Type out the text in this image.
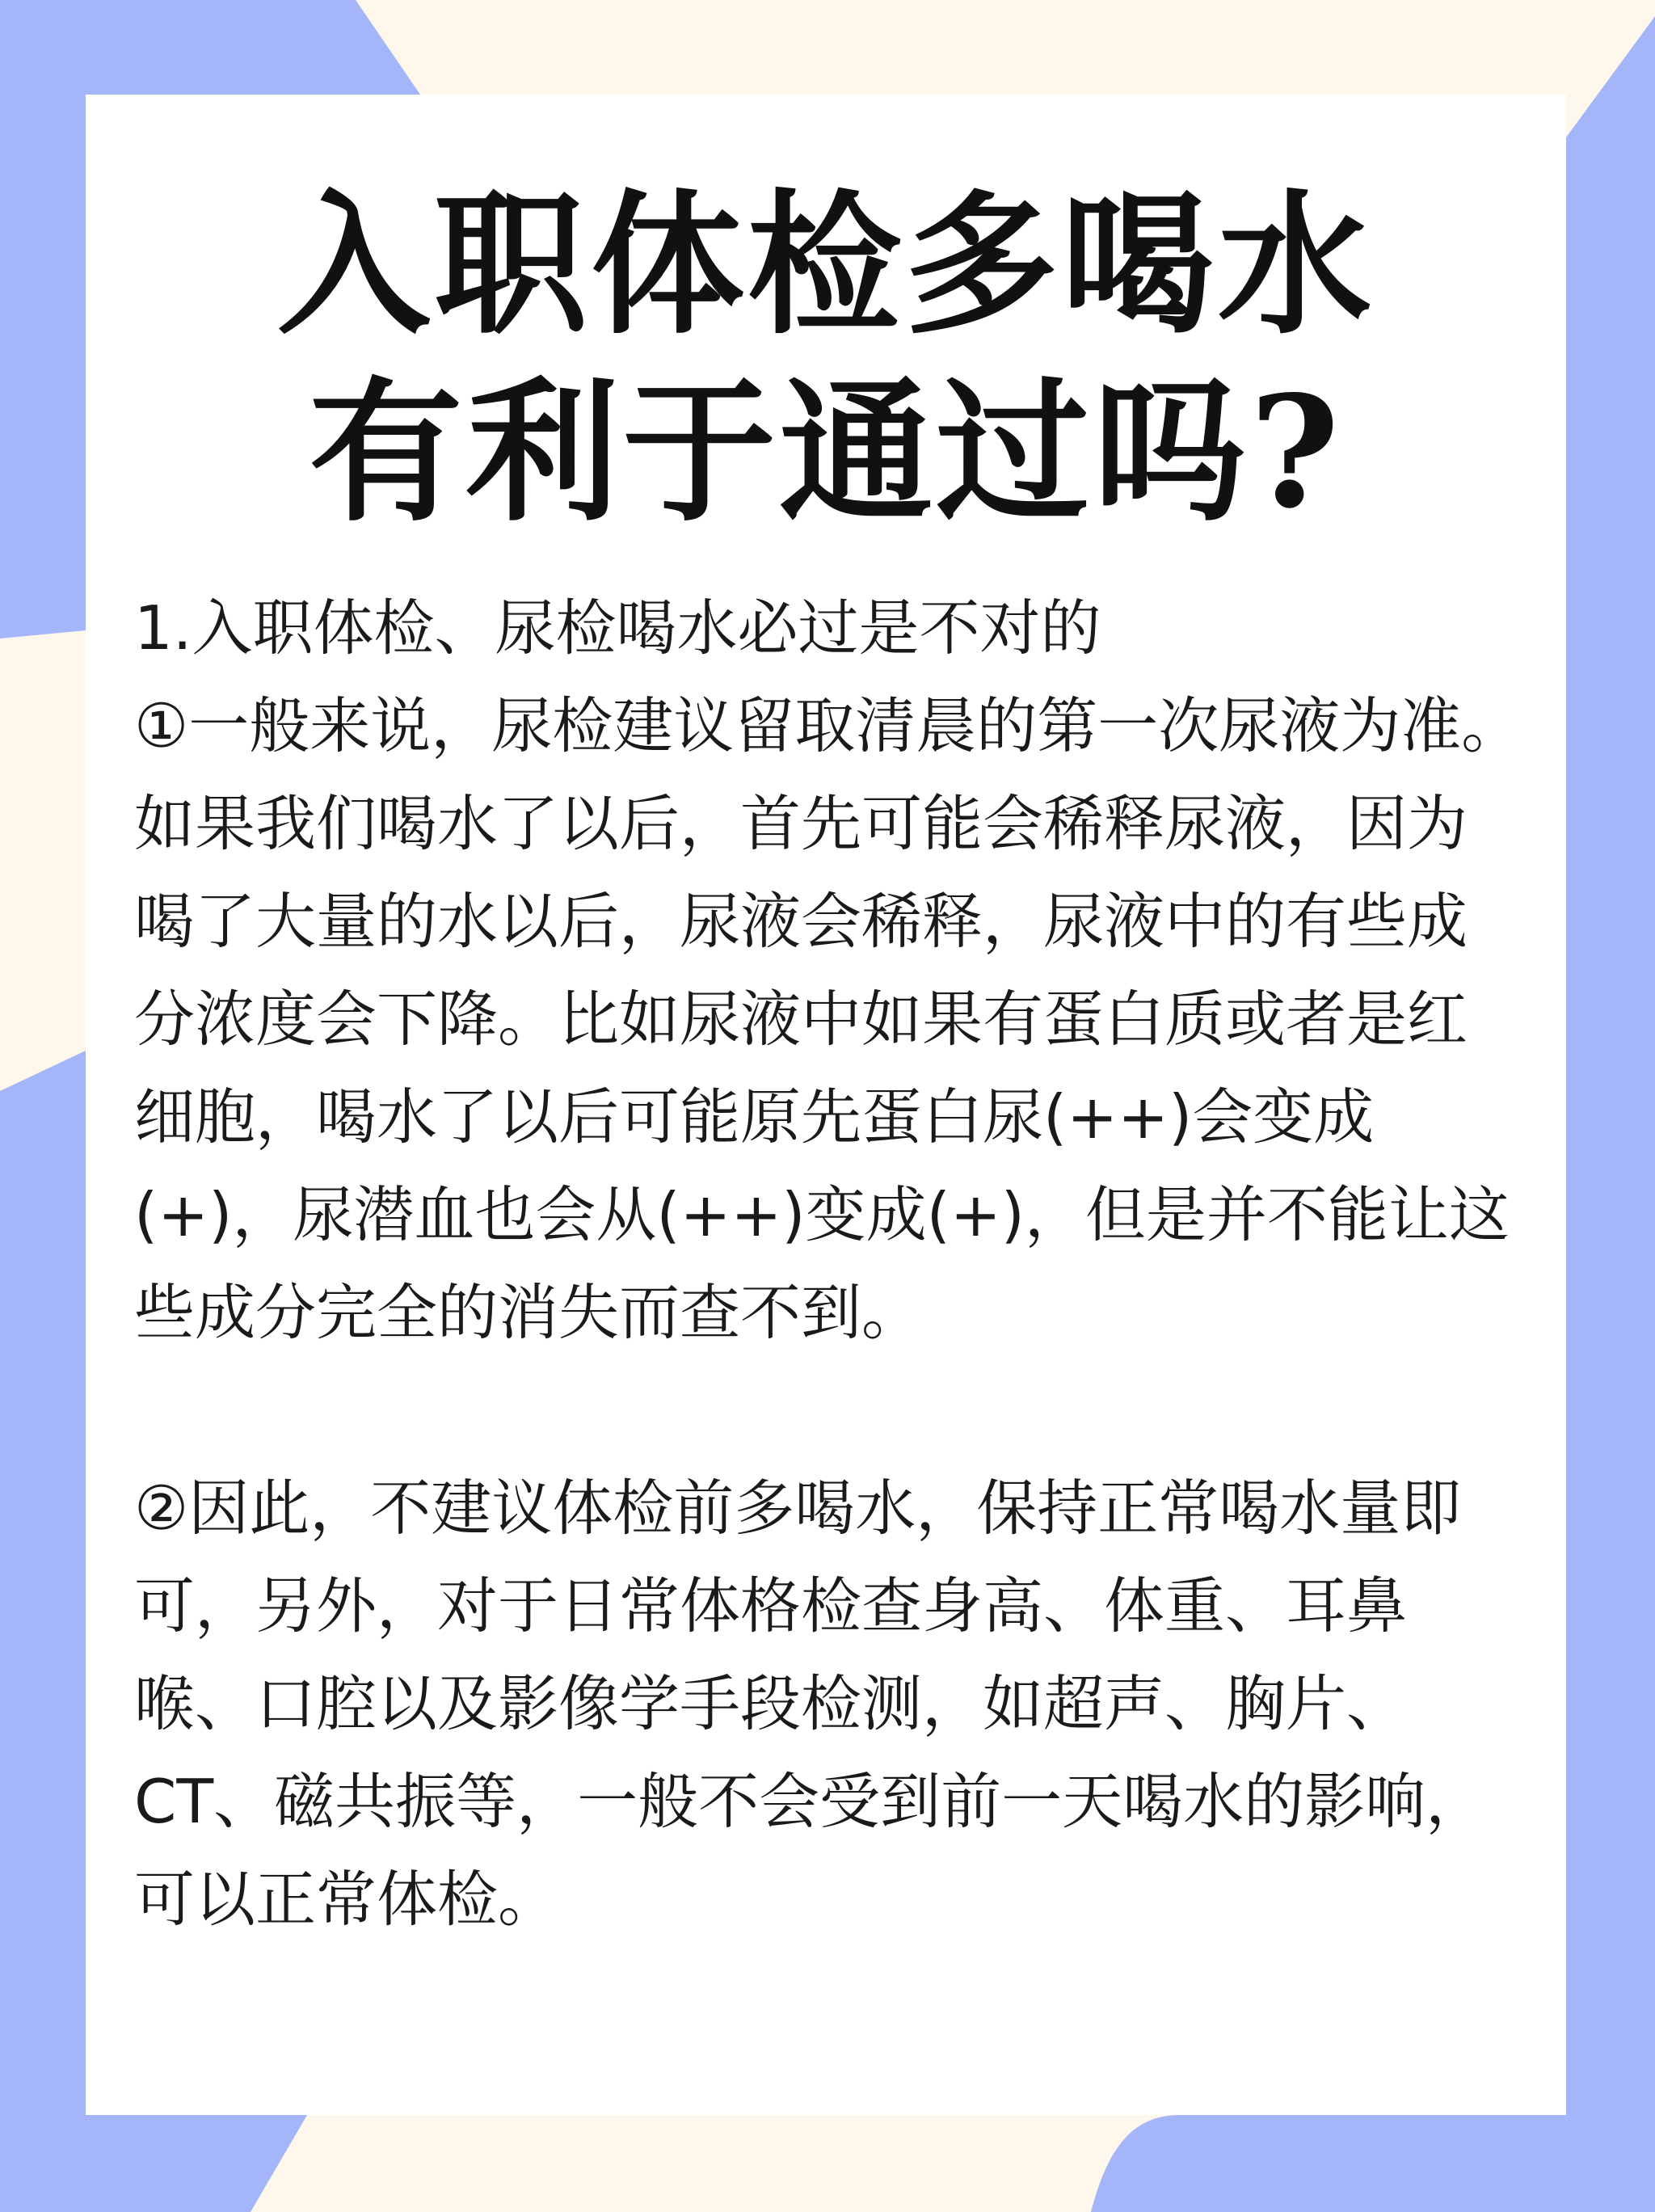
入职体检多喝水
有利于通过吗?

1.入职体检、尿检喝水必过是不对的

①一般来说，尿检建议留取清晨的第一次尿液为准。如果我们喝水了以后，首先可能会稀释尿液，因为喝了大量的水以后，尿液会稀释，尿液中的有些成分浓度会下降。比如尿液中如果有蛋白质或者是红细胞，喝水了以后可能原先蛋白尿(++)会变成(+)，尿潜血也会从(++)变成(+)，但是并不能让这些成分完全的消失而查不到。

②因此，不建议体检前多喝水，保持正常喝水量即可，另外，对于日常体格检查身高、体重、耳鼻喉、口腔以及影像学手段检测，如超声、胸片、CT、磁共振等，一般不会受到前一天喝水的影响，可以正常体检。
